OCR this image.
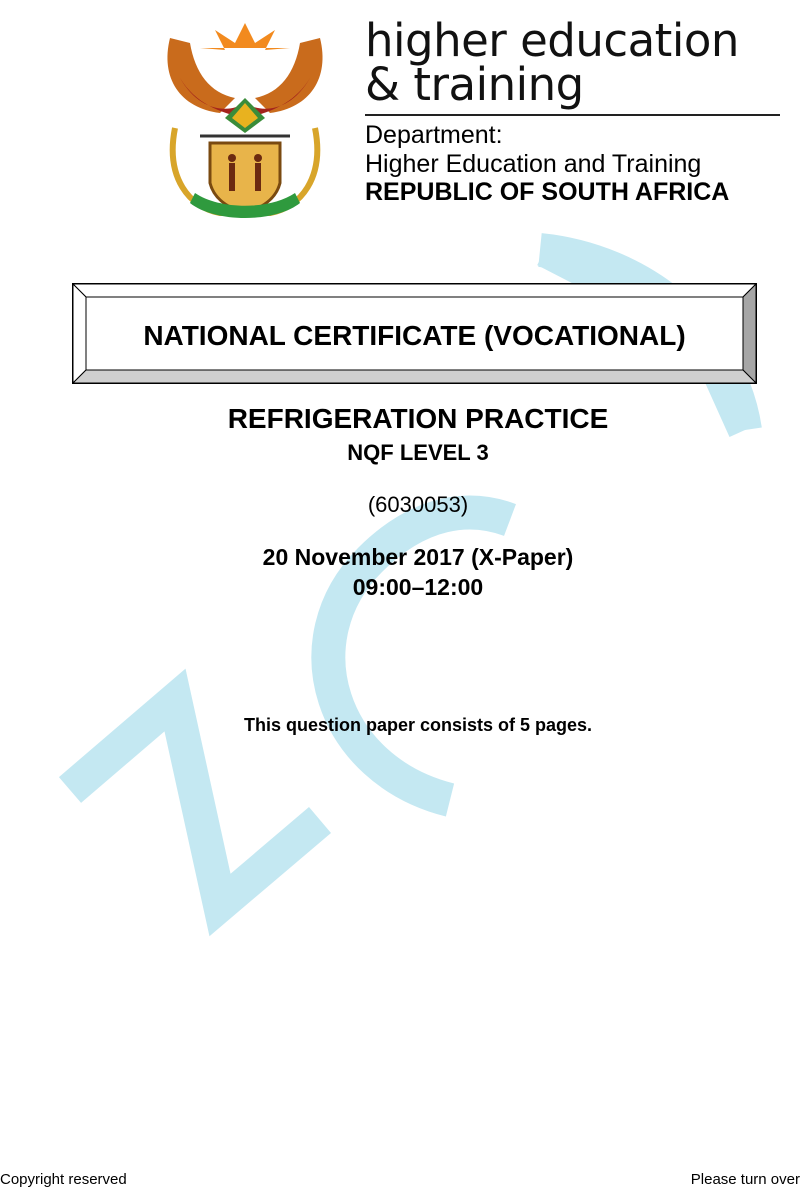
higher education
& training
Department:
Higher Education and Training
REPUBLIC OF SOUTH AFRICA
NATIONAL CERTIFICATE (VOCATIONAL)
REFRIGERATION PRACTICE
NQF LEVEL 3
(6030053)
20 November 2017 (X-Paper)
09:00–12:00
This question paper consists of 5 pages.
Copyright reserved	Please turn over
